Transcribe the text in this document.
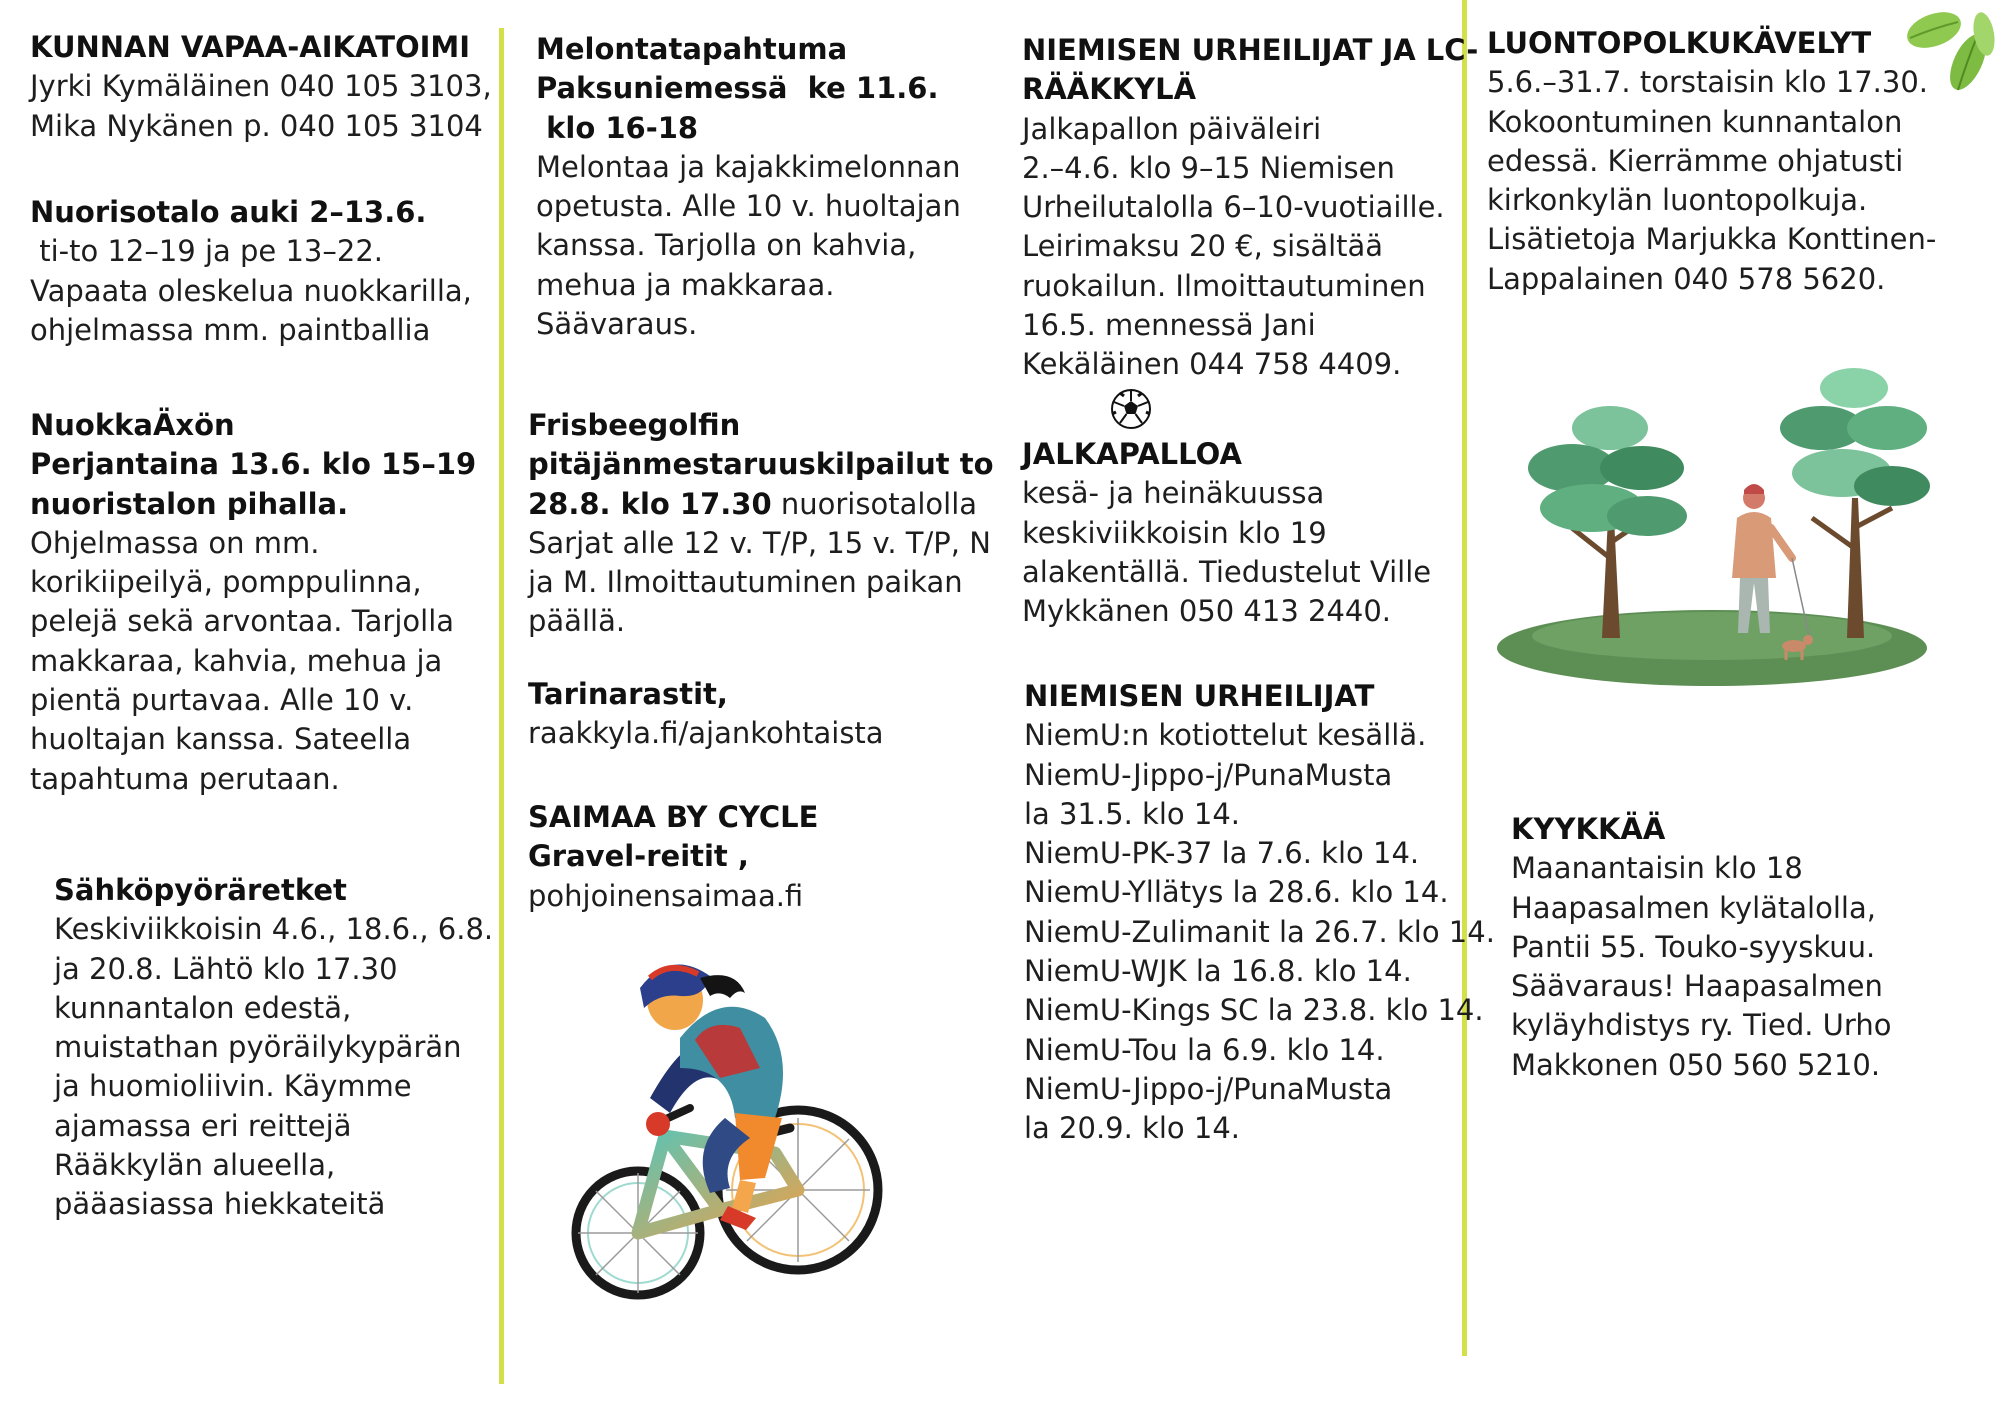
KUNNAN VAPAA-AIKATOIMI

Jyrki Kymäläinen 040 105 3103,

Mika Nykänen p. 040 105 3104

Nuorisotalo auki 2–13.6.

ti-to 12–19 ja pe 13–22.

Vapaata oleskelua nuokkarilla,

ohjelmassa mm. paintballia

NuokkaÄxön

Perjantaina 13.6. klo 15–19

nuoristalon pihalla.

Ohjelmassa on mm.

korikiipeilyä, pomppulinna,

pelejä sekä arvontaa. Tarjolla

makkaraa, kahvia, mehua ja

pientä purtavaa. Alle 10 v.

huoltajan kanssa. Sateella

tapahtuma perutaan.

Sähköpyöräretket

Keskiviikkoisin 4.6., 18.6., 6.8.

ja 20.8. Lähtö klo 17.30

kunnantalon edestä,

muistathan pyöräilykypärän

ja huomioliivin. Käymme

ajamassa eri reittejä

Rääkkylän alueella,

pääasiassa hiekkateitä

Melontatapahtuma

Paksuniemessä  ke 11.6.

klo 16-18

Melontaa ja kajakkimelonnan

opetusta. Alle 10 v. huoltajan

kanssa. Tarjolla on kahvia,

mehua ja makkaraa.

Säävaraus.

Frisbeegolfin

pitäjänmestaruuskilpailut to

28.8. klo 17.30 nuorisotalolla

Sarjat alle 12 v. T/P, 15 v. T/P, N

ja M. Ilmoittautuminen paikan

päällä.

Tarinarastit,

raakkyla.fi/ajankohtaista

SAIMAA BY CYCLE

Gravel-reitit ,

pohjoinensaimaa.fi

NIEMISEN URHEILIJAT JA LC-

RÄÄKKYLÄ

Jalkapallon päiväleiri

2.–4.6. klo 9–15 Niemisen

Urheilutalolla 6–10-vuotiaille.

Leirimaksu 20 €, sisältää

ruokailun. Ilmoittautuminen

16.5. mennessä Jani

Kekäläinen 044 758 4409.

JALKAPALLOA

kesä- ja heinäkuussa

keskiviikkoisin klo 19

alakentällä. Tiedustelut Ville

Mykkänen 050 413 2440.

NIEMISEN URHEILIJAT

NiemU:n kotiottelut kesällä.

NiemU-Jippo-j/PunaMusta

la 31.5. klo 14.

NiemU-PK-37 la 7.6. klo 14.

NiemU-Yllätys la 28.6. klo 14.

NiemU-Zulimanit la 26.7. klo 14.

NiemU-WJK la 16.8. klo 14.

NiemU-Kings SC la 23.8. klo 14.

NiemU-Tou la 6.9. klo 14.

NiemU-Jippo-j/PunaMusta

la 20.9. klo 14.

LUONTOPOLKUKÄVELYT

5.6.–31.7. torstaisin klo 17.30.

Kokoontuminen kunnantalon

edessä. Kierrämme ohjatusti

kirkonkylän luontopolkuja.

Lisätietoja Marjukka Konttinen-

Lappalainen 040 578 5620.

KYYKKÄÄ

Maanantaisin klo 18

Haapasalmen kylätalolla,

Pantii 55. Touko-syyskuu.

Säävaraus! Haapasalmen

kyläyhdistys ry. Tied. Urho

Makkonen 050 560 5210.
